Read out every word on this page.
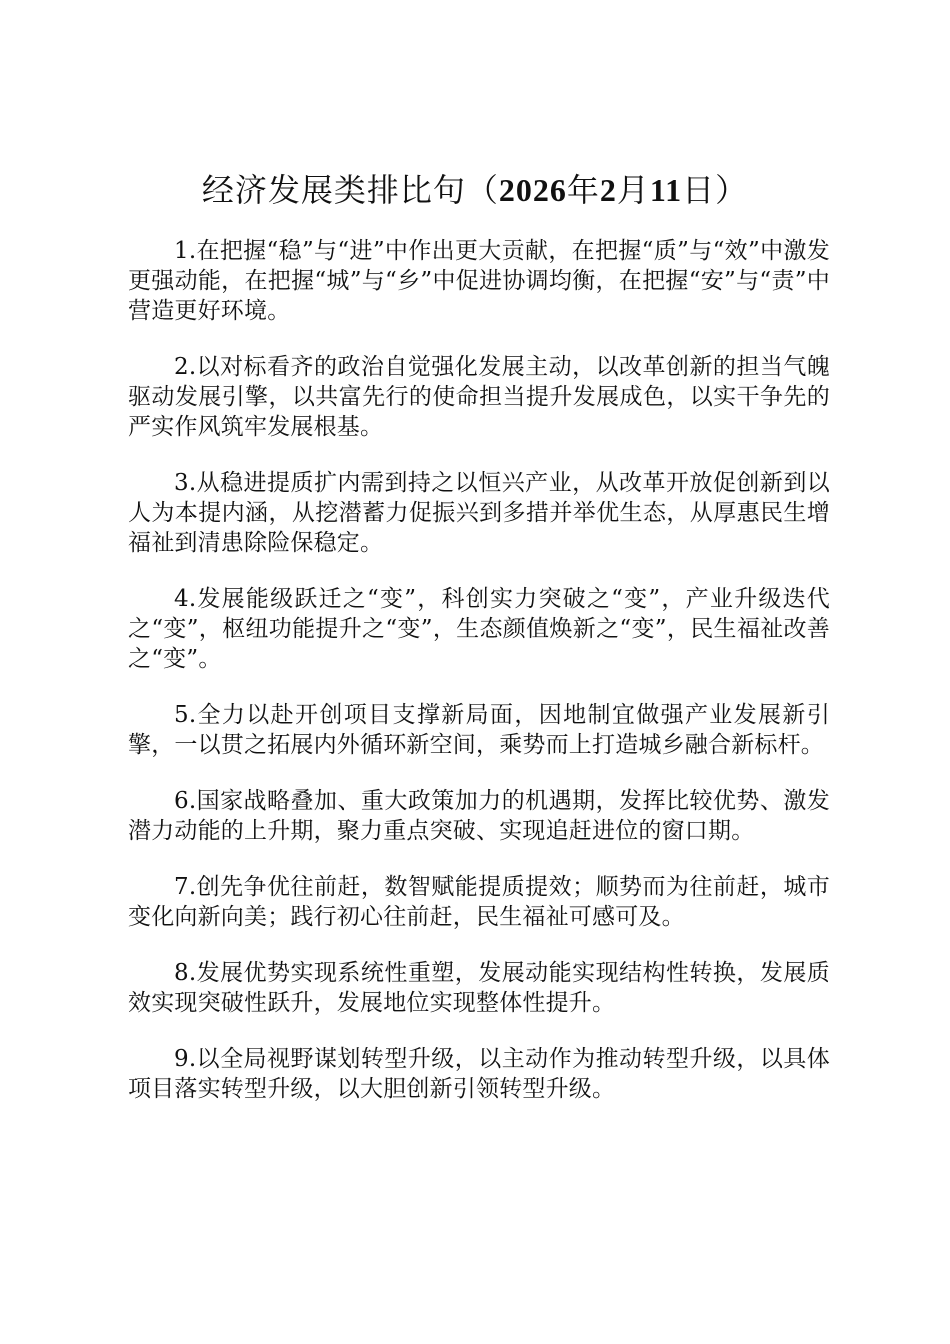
经济发展类排比句（2026年2月11日）

1.在把握“稳”与“进”中作出更大贡献，在把握“质”与“效”中激发更强动能，在把握“城”与“乡”中促进协调均衡，在把握“安”与“责”中营造更好环境。

2.以对标看齐的政治自觉强化发展主动，以改革创新的担当气魄驱动发展引擎，以共富先行的使命担当提升发展成色，以实干争先的严实作风筑牢发展根基。

3.从稳进提质扩内需到持之以恒兴产业，从改革开放促创新到以人为本提内涵，从挖潜蓄力促振兴到多措并举优生态，从厚惠民生增福祉到清患除险保稳定。

4.发展能级跃迁之“变”，科创实力突破之“变”，产业升级迭代之“变”，枢纽功能提升之“变”，生态颜值焕新之“变”，民生福祉改善之“变”。

5.全力以赴开创项目支撑新局面，因地制宜做强产业发展新引擎，一以贯之拓展内外循环新空间，乘势而上打造城乡融合新标杆。

6.国家战略叠加、重大政策加力的机遇期，发挥比较优势、激发潜力动能的上升期，聚力重点突破、实现追赶进位的窗口期。

7.创先争优往前赶，数智赋能提质提效；顺势而为往前赶，城市变化向新向美；践行初心往前赶，民生福祉可感可及。

8.发展优势实现系统性重塑，发展动能实现结构性转换，发展质效实现突破性跃升，发展地位实现整体性提升。

9.以全局视野谋划转型升级，以主动作为推动转型升级，以具体项目落实转型升级，以大胆创新引领转型升级。
